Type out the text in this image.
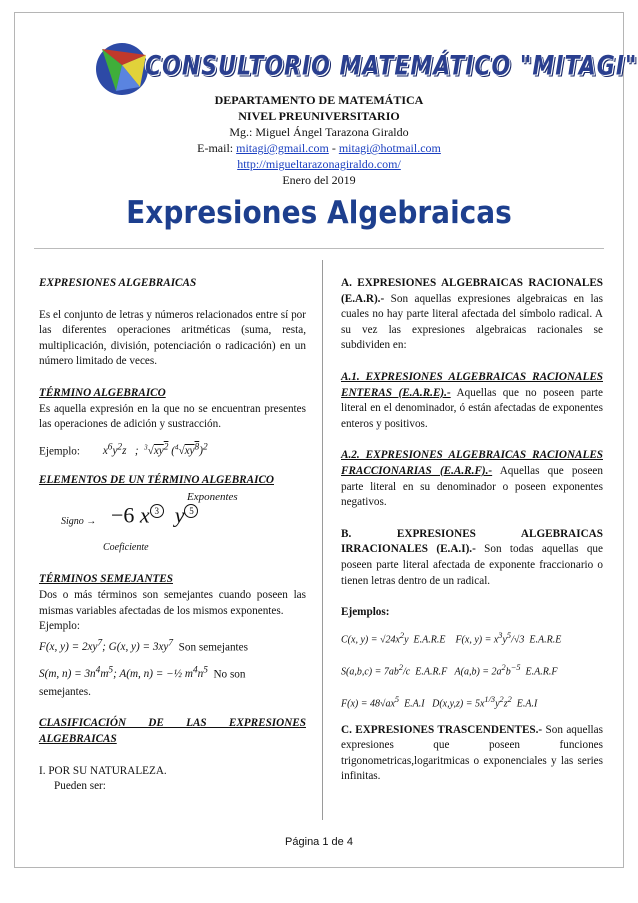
CONSULTORIO MATEMÁTICO "MITAGI"
DEPARTAMENTO DE MATEMÁTICA
NIVEL PREUNIVERSITARIO
Mg.: Miguel Ángel Tarazona Giraldo
E-mail: mitagi@gmail.com - mitagi@hotmail.com
http://migueltarazonagiraldo.com/
Enero del 2019
Expresiones Algebraicas

EXPRESIONES ALGEBRAICAS

Es el conjunto de letras y números relacionados entre sí por las diferentes operaciones aritméticas (suma, resta, multiplicación, división, potenciación o radicación) en un número limitado de veces.

TÉRMINO ALGEBRAICO

Es aquella expresión en la que no se encuentran presentes las operaciones de adición y sustracción.

Ejemplo: $x^6y^2z$   ;  $^3√xy^2$ $(^4√xy^8)^2$

ELEMENTOS DE UN TÉRMINO ALGEBRAICO

Exponentes
Signo → −6 x 3 y 5
Coeficiente

TÉRMINOS SEMEJANTES

Dos o más términos son semejantes cuando poseen las mismas variables afectadas de los mismos exponentes.

Ejemplo:

F(x, $y) = 2xy^7$; G(x, $y) = 3xy^7$ Son semejantes

S(m, $n) = 3n^4m^5$; A(m, n) = −½ $m^4n^5$ No son

semejantes.

CLASIFICACIÓN DE LAS EXPRESIONES ALGEBRAICAS

I. POR SU NATURALEZA.

Pueden ser:

A. EXPRESIONES ALGEBRAICAS RACIONALES (E.A.R).- Son aquellas expresiones algebraicas en las cuales no hay parte literal afectada del símbolo radical. A su vez las expresiones algebraicas racionales se subdividen en:

A.1. EXPRESIONES ALGEBRAICAS RACIONALES ENTERAS (E.A.R.E).- Aquellas que no poseen parte literal en el denominador, ó están afectadas de exponentes enteros y positivos.

A.2. EXPRESIONES ALGEBRAICAS RACIONALES FRACCIONARIAS (E.A.R.F).- Aquellas que poseen parte literal en su denominador o poseen exponentes negativos.

B. EXPRESIONES ALGEBRAICAS IRRACIONALES (E.A.I).- Son todas aquellas que poseen parte literal afectada de exponente fraccionario o tienen letras dentro de un radical.

Ejemplos:

C(x, $y) = √24x^2y$  E.A.R.E    F(x, $y) = x^3y^5/√3$  E.A.R.E

$S(a,b,c) = 7ab^2/c$  E.A.R.F   $A(a,b) = 2a^2b^{-5}$ E.A.R.F

$F(x) = 48√ax^5$ E.A.I   $D(x,y,z) = 5x^{1/3}y^2z^2$ E.A.I

C. EXPRESIONES TRASCENDENTES.- Son aquellas expresiones que poseen funciones trigonometricas,logaritmicas o exponenciales y las series infinitas.

Página 1 de 4
